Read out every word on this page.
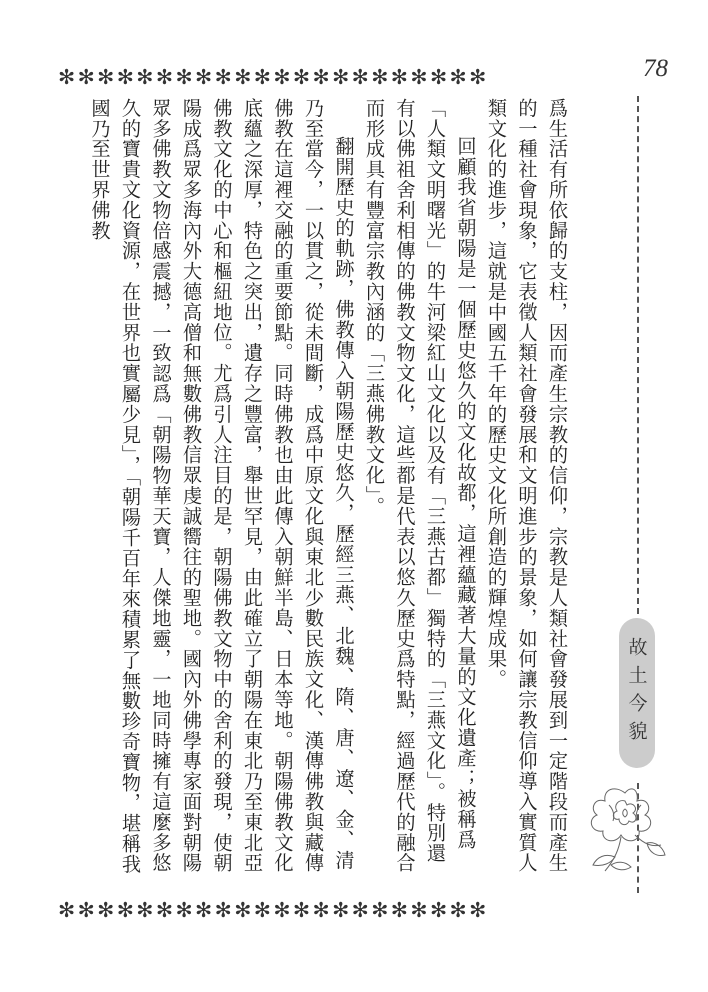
✻✻✻✻✻✻✻✻✻✻✻✻✻✻✻✻✻✻✻✻✻✻
✻✻✻✻✻✻✻✻✻✻✻✻✻✻✻✻✻✻✻✻✻✻
78
故土今貌

爲生活有所依歸的支柱，因而產生宗教的信仰，宗教是人類社會發展到一定階段而產生的一種社會現象，它表徵人類社會發展和文明進步的景象，如何讓宗教信仰導入實質人類文化的進步，這就是中國五千年的歷史文化所創造的輝煌成果。

回顧我省朝陽是一個歷史悠久的文化故都，這裡蘊藏著大量的文化遺產；被稱爲「人類文明曙光」的牛河梁紅山文化以及有「三燕古都」獨特的「三燕文化」。特別還有以佛祖舍利相傳的佛教文物文化，這些都是代表以悠久歷史爲特點，經過歷代的融合而形成具有豐富宗教內涵的「三燕佛教文化」。

翻開歷史的軌跡，佛教傳入朝陽歷史悠久，歷經三燕、北魏、隋、唐、遼、金、清乃至當今，一以貫之，從未間斷，成爲中原文化與東北少數民族文化、漢傳佛教與藏傳佛教在這裡交融的重要節點。同時佛教也由此傳入朝鮮半島、日本等地。朝陽佛教文化底蘊之深厚，特色之突出，遺存之豐富，舉世罕見，由此確立了朝陽在東北乃至東北亞佛教文化的中心和樞紐地位。尤爲引人注目的是，朝陽佛教文物中的舍利的發現，使朝陽成爲眾多海內外大德高僧和無數佛教信眾虔誠嚮往的聖地。國內外佛學專家面對朝陽眾多佛教文物倍感震撼，一致認爲「朝陽物華天寶，人傑地靈，一地同時擁有這麼多悠久的寶貴文化資源，在世界也實屬少見」，「朝陽千百年來積累了無數珍奇寶物，堪稱我國乃至世界佛教
